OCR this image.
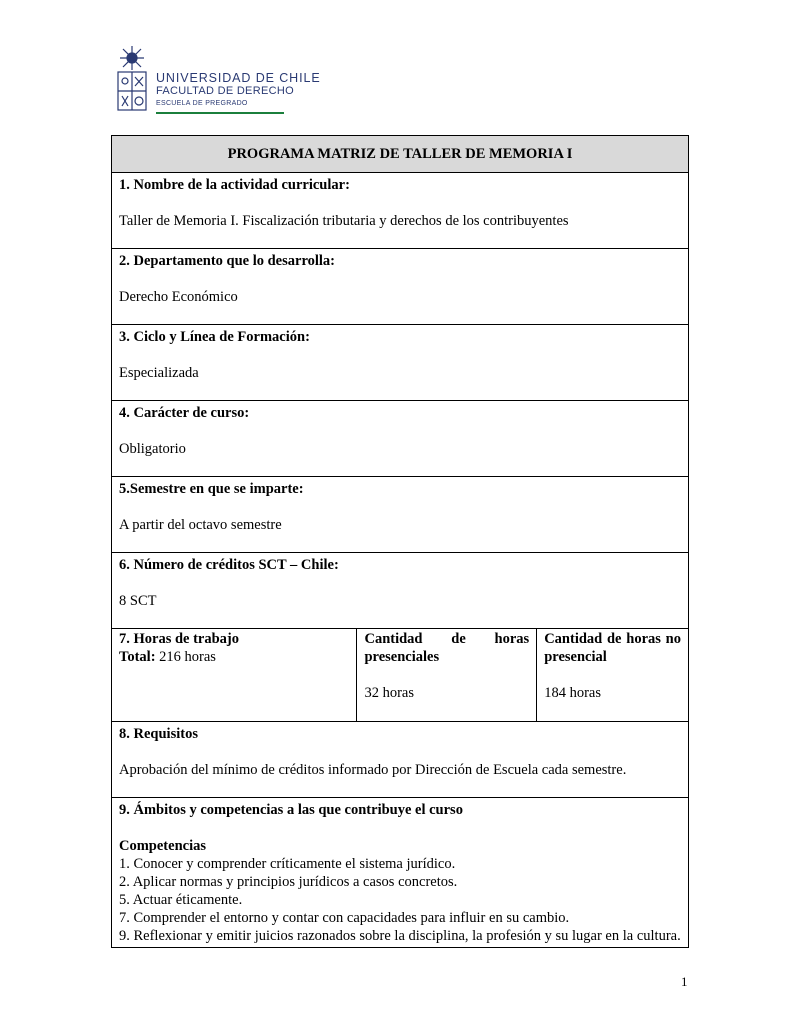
UNIVERSIDAD DE CHILE
FACULTAD DE DERECHO
ESCUELA DE PREGRADO
PROGRAMA MATRIZ DE TALLER DE MEMORIA I

1. Nombre de la actividad curricular:
Taller de Memoria I. Fiscalización tributaria y derechos de los contribuyentes

2. Departamento que lo desarrolla:
Derecho Económico

3. Ciclo y Línea de Formación:
Especializada

4. Carácter de curso:
Obligatorio

5.Semestre en que se imparte:
A partir del octavo semestre

6. Número de créditos SCT – Chile:
8 SCT

7. Horas de trabajo
Total: 216 horas	
Cantidad de horas presenciales
32 horas

Cantidad de horas no presencial
184 horas

8. Requisitos
Aprobación del mínimo de créditos informado por Dirección de Escuela cada semestre.

9. Ámbitos y competencias a las que contribuye el curso
Competencias
1. Conocer y comprender críticamente el sistema jurídico.
2. Aplicar normas y principios jurídicos a casos concretos.
5. Actuar éticamente.
7. Comprender el entorno y contar con capacidades para influir en su cambio.
9. Reflexionar y emitir juicios razonados sobre la disciplina, la profesión y su lugar en la cultura.
1
